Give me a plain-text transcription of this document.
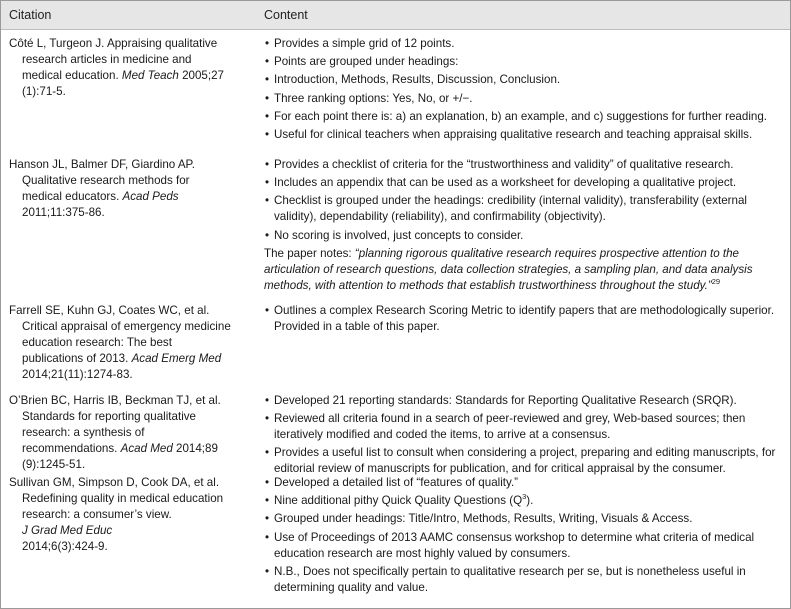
Citation	Content
Côté L, Turgeon J. Appraising qualitative
research articles in medicine and
medical education. Med Teach 2005;27
(1):71-5.
• Provides a simple grid of 12 points.
• Points are grouped under headings:
• Introduction, Methods, Results, Discussion, Conclusion.
• Three ranking options: Yes, No, or +/−.
• For each point there is: a) an explanation, b) an example, and c) suggestions for further reading.
• Useful for clinical teachers when appraising qualitative research and teaching appraisal skills.
Hanson JL, Balmer DF, Giardino AP.
Qualitative research methods for
medical educators. Acad Peds
2011;11:375-86.
• Provides a checklist of criteria for the “trustworthiness and validity” of qualitative research.
• Includes an appendix that can be used as a worksheet for developing a qualitative project.
• Checklist is grouped under the headings: credibility (internal validity), transferability (external validity), dependability (reliability), and confirmability (objectivity).
• No scoring is involved, just concepts to consider.
The paper notes: “planning rigorous qualitative research requires prospective attention to the articulation of research questions, data collection strategies, a sampling plan, and data analysis methods, with attention to methods that establish trustworthiness throughout the study.”$^{29}$
Farrell SE, Kuhn GJ, Coates WC, et al.
Critical appraisal of emergency medicine
education research: The best
publications of 2013. Acad Emerg Med
2014;21(11):1274-83.
• Outlines a complex Research Scoring Metric to identify papers that are methodologically superior. Provided in a table of this paper.
O’Brien BC, Harris IB, Beckman TJ, et al.
Standards for reporting qualitative
research: a synthesis of
recommendations. Acad Med 2014;89
(9):1245-51.
• Developed 21 reporting standards: Standards for Reporting Qualitative Research (SRQR).
• Reviewed all criteria found in a search of peer-reviewed and grey, Web-based sources; then iteratively modified and coded the items, to arrive at a consensus.
• Provides a useful list to consult when considering a project, preparing and editing manuscripts, for editorial review of manuscripts for publication, and for critical appraisal by the consumer.
Sullivan GM, Simpson D, Cook DA, et al.
Redefining quality in medical education
research: a consumer’s view.
J Grad Med Educ
2014;6(3):424-9.
• Developed a detailed list of “features of quality.”
• Nine additional pithy Quick Quality Questions $(Q^3)$.
• Grouped under headings: Title/Intro, Methods, Results, Writing, Visuals & Access.
• Use of Proceedings of 2013 AAMC consensus workshop to determine what criteria of medical education research are most highly valued by consumers.
• N.B., Does not specifically pertain to qualitative research per se, but is nonetheless useful in determining quality and value.
